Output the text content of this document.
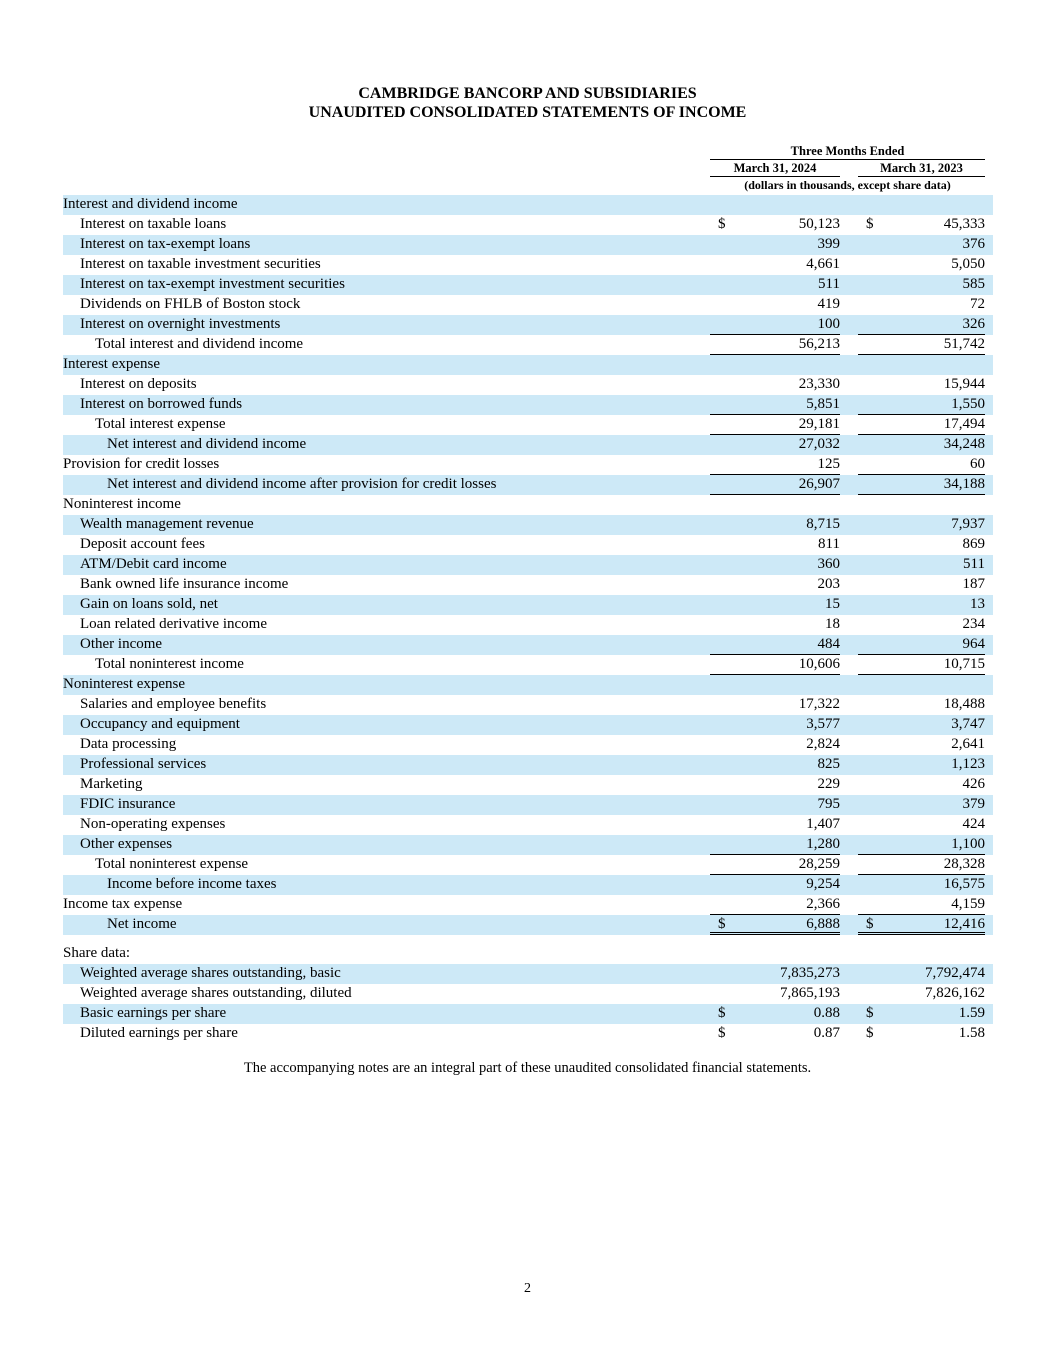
CAMBRIDGE BANCORP AND SUBSIDIARIES
UNAUDITED CONSOLIDATED STATEMENTS OF INCOME
Three Months Ended
March 31, 2024	March 31, 2023
(dollars in thousands, except share data)
Interest and dividend income
Interest on taxable loans	$	50,123	$	45,333
Interest on tax-exempt loans	399	376
Interest on taxable investment securities	4,661	5,050
Interest on tax-exempt investment securities	511	585
Dividends on FHLB of Boston stock	419	72
Interest on overnight investments	100	326
Total interest and dividend income	56,213	51,742
Interest expense
Interest on deposits	23,330	15,944
Interest on borrowed funds	5,851	1,550
Total interest expense	29,181	17,494
Net interest and dividend income	27,032	34,248
Provision for credit losses	125	60
Net interest and dividend income after provision for credit losses	26,907	34,188
Noninterest income
Wealth management revenue	8,715	7,937
Deposit account fees	811	869
ATM/Debit card income	360	511
Bank owned life insurance income	203	187
Gain on loans sold, net	15	13
Loan related derivative income	18	234
Other income	484	964
Total noninterest income	10,606	10,715
Noninterest expense
Salaries and employee benefits	17,322	18,488
Occupancy and equipment	3,577	3,747
Data processing	2,824	2,641
Professional services	825	1,123
Marketing	229	426
FDIC insurance	795	379
Non-operating expenses	1,407	424
Other expenses	1,280	1,100
Total noninterest expense	28,259	28,328
Income before income taxes	9,254	16,575
Income tax expense	2,366	4,159
Net income	$	6,888	$	12,416
Share data:
Weighted average shares outstanding, basic	7,835,273	7,792,474
Weighted average shares outstanding, diluted	7,865,193	7,826,162
Basic earnings per share	$	0.88	$	1.59
Diluted earnings per share	$	0.87	$	1.58
The accompanying notes are an integral part of these unaudited consolidated financial statements.
2
